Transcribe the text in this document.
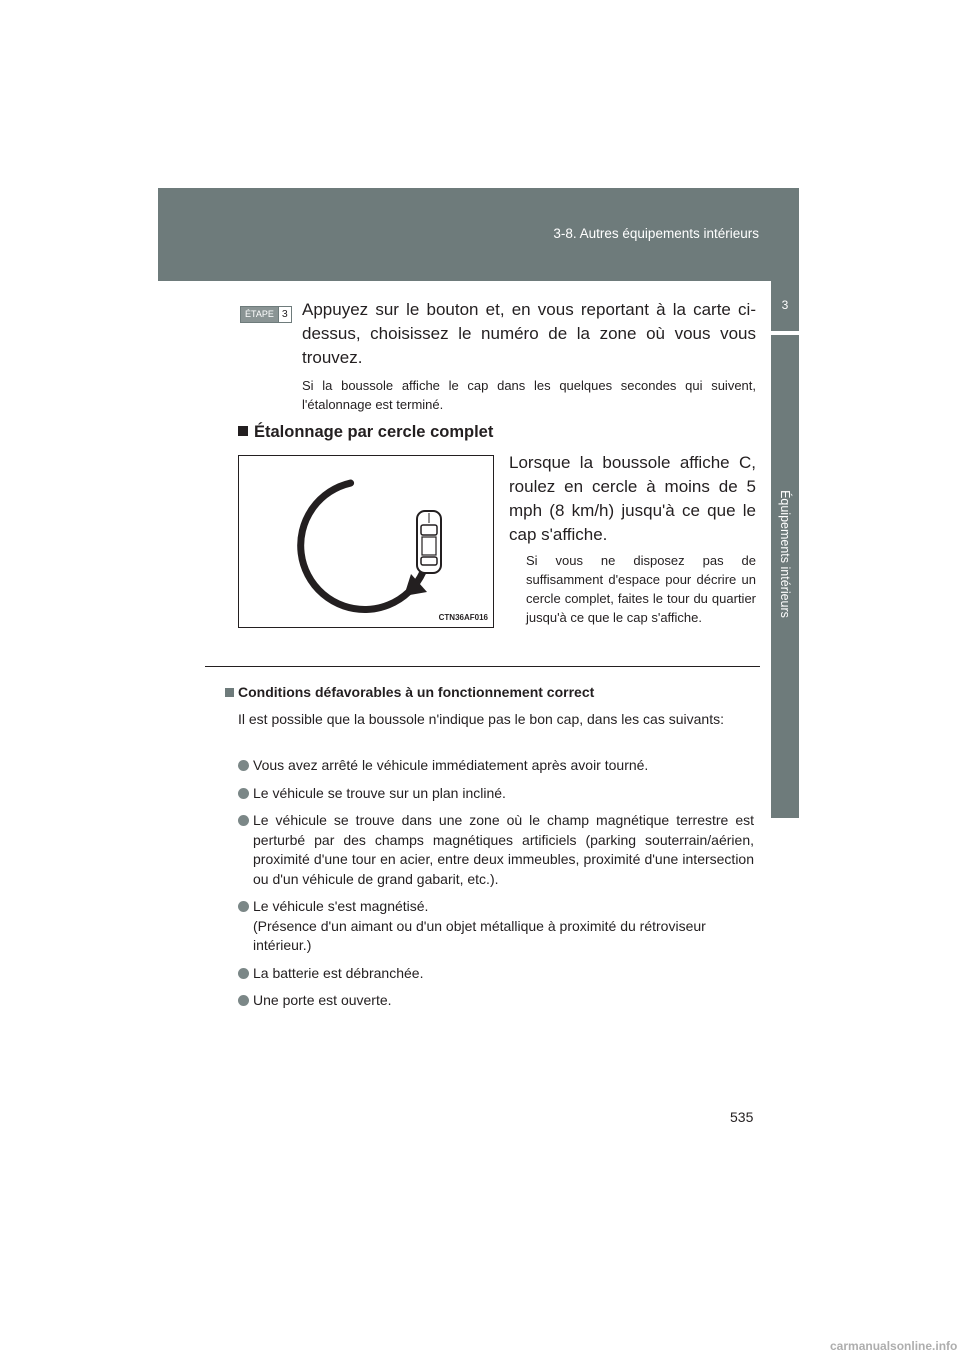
3-8. Autres équipements intérieurs
3
Équipements intérieurs
ÉTAPE 3 Appuyez sur le bouton et, en vous reportant à la carte ci-dessus, choisissez le numéro de la zone où vous vous trouvez.

Si la boussole affiche le cap dans les quelques secondes qui suivent, l'étalonnage est terminé.

Étalonnage par cercle complet
CTN36AF016

Lorsque la boussole affiche C, roulez en cercle à moins de 5 mph (8 km/h) jusqu'à ce que le cap s'affiche.

Si vous ne disposez pas de suffisamment d'espace pour décrire un cercle complet, faites le tour du quartier jusqu'à ce que le cap s'affiche.

Conditions défavorables à un fonctionnement correct

Il est possible que la boussole n'indique pas le bon cap, dans les cas suivants:

Vous avez arrêté le véhicule immédiatement après avoir tourné.
Le véhicule se trouve sur un plan incliné.
Le véhicule se trouve dans une zone où le champ magnétique terrestre est perturbé par des champs magnétiques artificiels (parking souterrain/aérien, proximité d'une tour en acier, entre deux immeubles, proximité d'une intersection ou d'un véhicule de grand gabarit, etc.).
Le véhicule s'est magnétisé.
(Présence d'un aimant ou d'un objet métallique à proximité du rétroviseur intérieur.)
La batterie est débranchée.
Une porte est ouverte.
535
carmanualsonline.info
